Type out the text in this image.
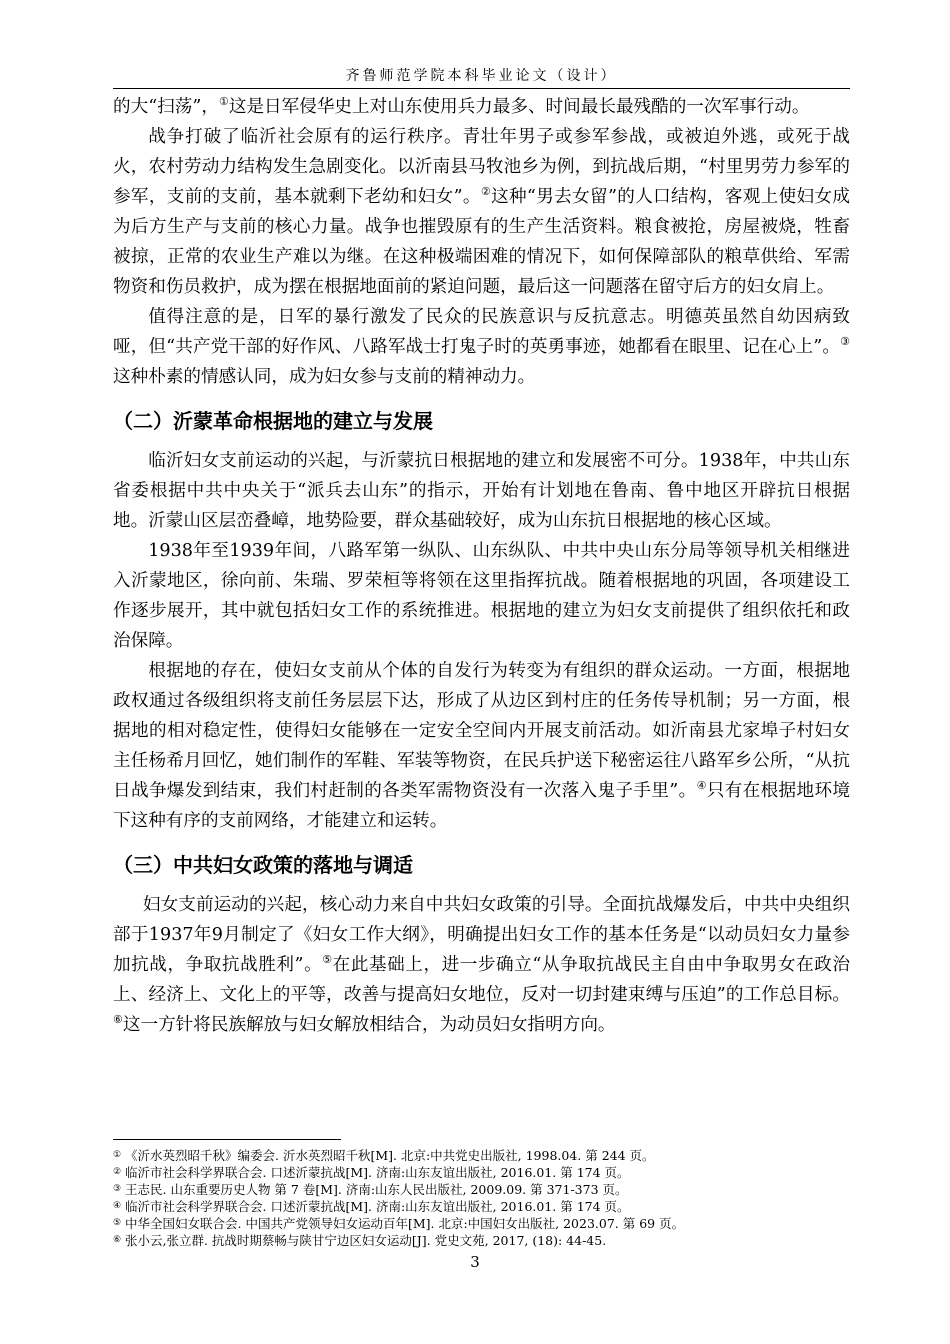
齐鲁师范学院本科毕业论文（设计）

的大“扫荡”，①这是日军侵华史上对山东使用兵力最多、时间最长最残酷的一次军事行动。

战争打破了临沂社会原有的运行秩序。青壮年男子或参军参战，或被迫外逃，或死于战火，农村劳动力结构发生急剧变化。以沂南县马牧池乡为例，到抗战后期，“村里男劳力参军的参军，支前的支前，基本就剩下老幼和妇女”。②这种“男去女留”的人口结构，客观上使妇女成为后方生产与支前的核心力量。战争也摧毁原有的生产生活资料。粮食被抢，房屋被烧，牲畜被掠，正常的农业生产难以为继。在这种极端困难的情况下，如何保障部队的粮草供给、军需物资和伤员救护，成为摆在根据地面前的紧迫问题，最后这一问题落在留守后方的妇女肩上。

值得注意的是，日军的暴行激发了民众的民族意识与反抗意志。明德英虽然自幼因病致哑，但“共产党干部的好作风、八路军战士打鬼子时的英勇事迹，她都看在眼里、记在心上”。③这种朴素的情感认同，成为妇女参与支前的精神动力。

（二）沂蒙革命根据地的建立与发展

临沂妇女支前运动的兴起，与沂蒙抗日根据地的建立和发展密不可分。1938年，中共山东省委根据中共中央关于“派兵去山东”的指示，开始有计划地在鲁南、鲁中地区开辟抗日根据地。沂蒙山区层峦叠嶂，地势险要，群众基础较好，成为山东抗日根据地的核心区域。

1938年至1939年间，八路军第一纵队、山东纵队、中共中央山东分局等领导机关相继进入沂蒙地区，徐向前、朱瑞、罗荣桓等将领在这里指挥抗战。随着根据地的巩固，各项建设工作逐步展开，其中就包括妇女工作的系统推进。根据地的建立为妇女支前提供了组织依托和政治保障。

根据地的存在，使妇女支前从个体的自发行为转变为有组织的群众运动。一方面，根据地政权通过各级组织将支前任务层层下达，形成了从边区到村庄的任务传导机制；另一方面，根据地的相对稳定性，使得妇女能够在一定安全空间内开展支前活动。如沂南县尤家埠子村妇女主任杨希月回忆，她们制作的军鞋、军装等物资，在民兵护送下秘密运往八路军乡公所，“从抗日战争爆发到结束，我们村赶制的各类军需物资没有一次落入鬼子手里”。④只有在根据地环境下这种有序的支前网络，才能建立和运转。

（三）中共妇女政策的落地与调适

妇女支前运动的兴起，核心动力来自中共妇女政策的引导。全面抗战爆发后，中共中央组织部于1937年9月制定了《妇女工作大纲》，明确提出妇女工作的基本任务是“以动员妇女力量参加抗战，争取抗战胜利”。⑤在此基础上，进一步确立“从争取抗战民主自由中争取男女在政治上、经济上、文化上的平等，改善与提高妇女地位，反对一切封建束缚与压迫”的工作总目标。⑥这一方针将民族解放与妇女解放相结合，为动员妇女指明方向。

① 《沂水英烈昭千秋》编委会. 沂水英烈昭千秋[M]. 北京:中共党史出版社, 1998.04. 第 244 页。
② 临沂市社会科学界联合会. 口述沂蒙抗战[M]. 济南:山东友谊出版社, 2016.01. 第 174 页。
③ 王志民. 山东重要历史人物 第 7 卷[M]. 济南:山东人民出版社, 2009.09. 第 371-373 页。
④ 临沂市社会科学界联合会. 口述沂蒙抗战[M]. 济南:山东友谊出版社, 2016.01. 第 174 页。
⑤ 中华全国妇女联合会. 中国共产党领导妇女运动百年[M]. 北京:中国妇女出版社, 2023.07. 第 69 页。
⑥ 张小云,张立群. 抗战时期蔡畅与陕甘宁边区妇女运动[J]. 党史文苑, 2017, (18): 44-45.
3
